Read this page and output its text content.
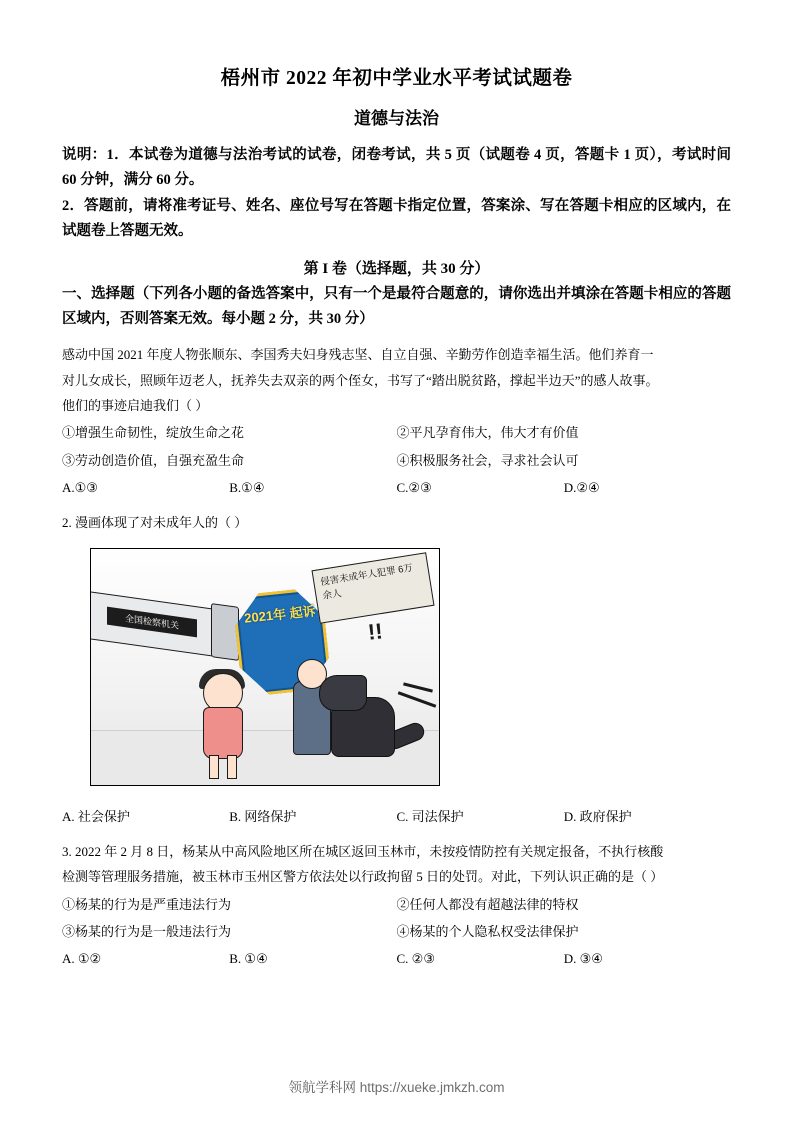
梧州市 2022 年初中学业水平考试试题卷
道德与法治

说明：1．本试卷为道德与法治考试的试卷，闭卷考试，共 5 页（试题卷 4 页，答题卡 1 页），考试时间 60 分钟，满分 60 分。

2．答题前，请将准考证号、姓名、座位号写在答题卡指定位置，答案涂、写在答题卡相应的区域内，在试题卷上答题无效。

第 I 卷（选择题，共 30 分）
一、选择题（下列各小题的备选答案中，只有一个是最符合题意的，请你选出并填涂在答题卡相应的答题区域内，否则答案无效。每小题 2 分，共 30 分）

感动中国 2021 年度人物张顺东、李国秀夫妇身残志坚、自立自强、辛勤劳作创造幸福生活。他们养育一

对儿女成长，照顾年迈老人，抚养失去双亲的两个侄女，书写了“踏出脱贫路，撑起半边天”的感人故事。

他们的事迹启迪我们（ ）

①增强生命韧性，绽放生命之花	②平凡孕育伟大，伟大才有价值
③劳动创造价值，自强充盈生命	④积极服务社会，寻求社会认可
A.①③	B.①④	C.②③	D.②④

2. 漫画体现了对未成年人的（ ）

全国检察机关	2021年 起诉
侵害未成年人犯罪 6万余人
!!
A. 社会保护	B. 网络保护	C. 司法保护	D. 政府保护

3. 2022 年 2 月 8 日，杨某从中高风险地区所在城区返回玉林市，未按疫情防控有关规定报备，不执行核酸

检测等管理服务措施，被玉林市玉州区警方依法处以行政拘留 5 日的处罚。对此，下列认识正确的是（ ）

①杨某的行为是严重违法行为	②任何人都没有超越法律的特权
③杨某的行为是一般违法行为	④杨某的个人隐私权受法律保护
A. ①②	B. ①④	C. ②③	D. ③④
领航学科网 https://xueke.jmkzh.com
